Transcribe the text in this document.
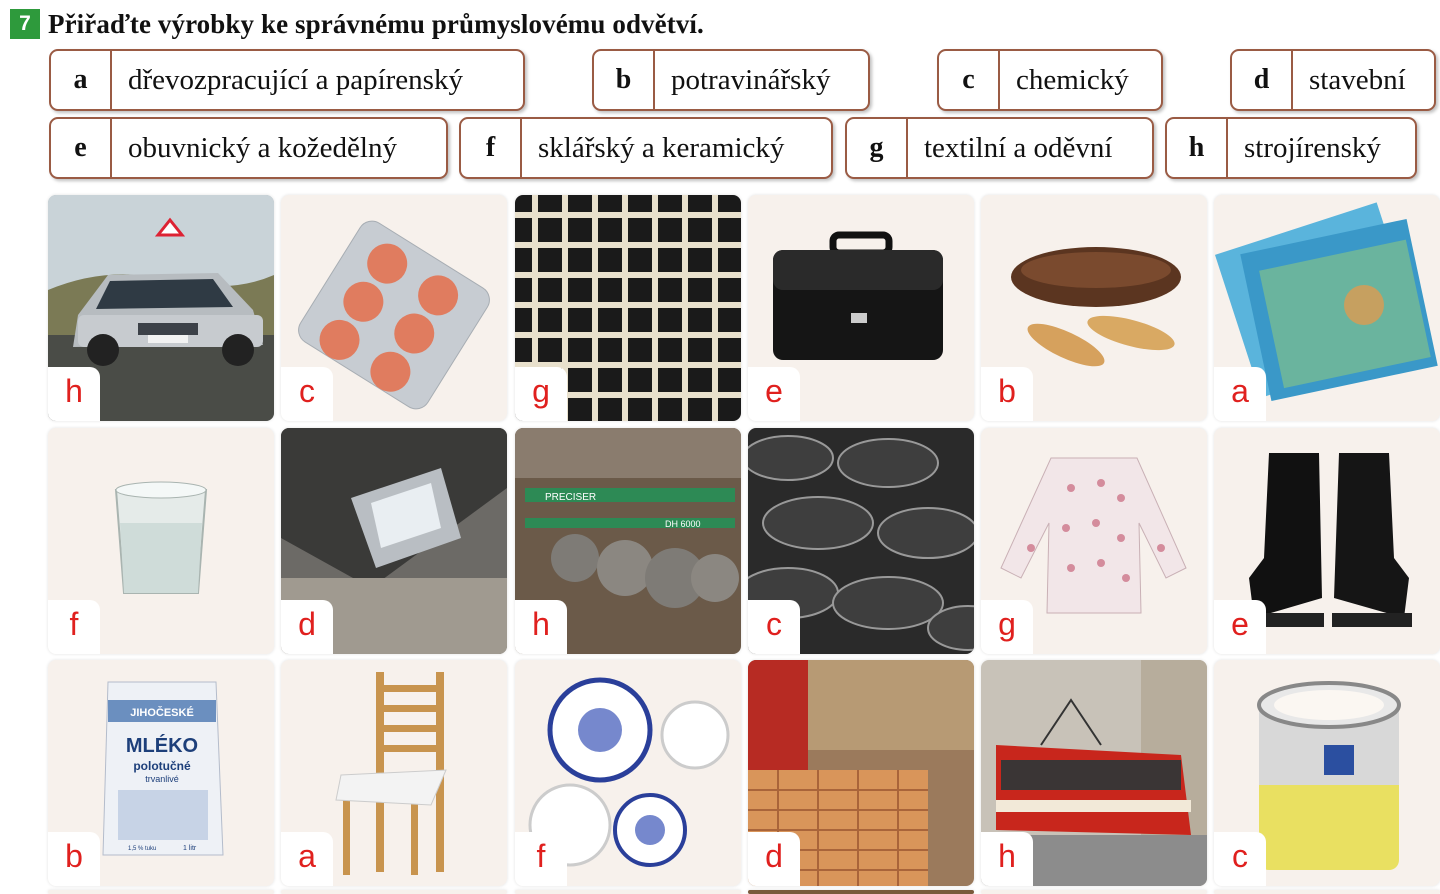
7 Přiřaďte výrobky ke správnému průmyslovému odvětví.
a	dřevozpracující a papírenský	b	potravinářský	c	chemický	d	stavební
e	obuvnický a kožedělný	f	sklářský a keramický	g	textilní a oděvní	h	strojírenský
h	c	g	e	b	a
f	d
PRECISER
DH 6000
h	c	g	e
JIHOČESKÉ
MLÉKO
polotučné
trvanlivé
1,5 % tuku	1 litr
b	a	f	d	h	c
